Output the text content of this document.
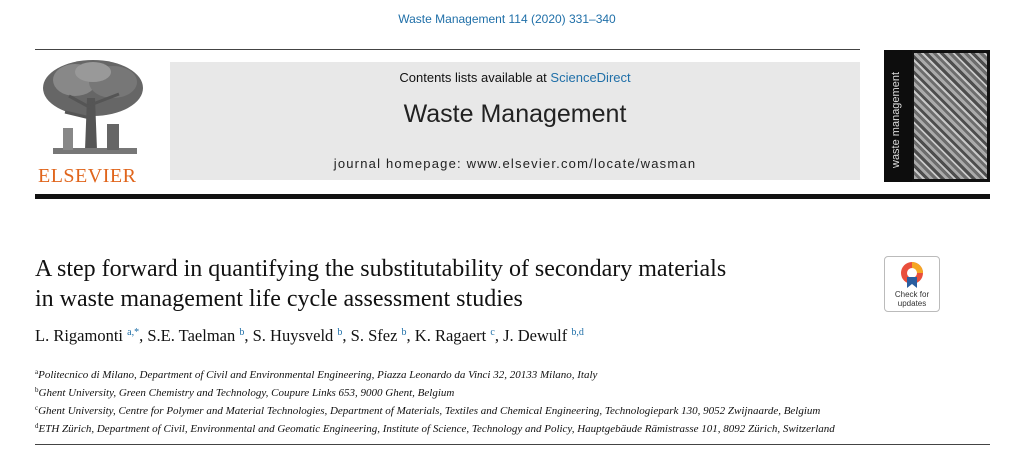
Waste Management 114 (2020) 331–340
ELSEVIER
Contents lists available at ScienceDirect
Waste Management
journal homepage: www.elsevier.com/locate/wasman	waste management
A step forward in quantifying the substitutability of secondary materials
in waste management life cycle assessment studies	Check for
updates
L. Rigamonti $^{a,*}$, S.E. Taelman $^b$, S. Huysveld $^b$, S. Sfez $^b$, K. Ragaert $^c$, J. Dewulf $^{b,d}$
$^a$Politecnico di Milano, Department of Civil and Environmental Engineering, Piazza Leonardo da Vinci 32, 20133 Milano, Italy
$^b$Ghent University, Green Chemistry and Technology, Coupure Links 653, 9000 Ghent, Belgium
$^c$Ghent University, Centre for Polymer and Material Technologies, Department of Materials, Textiles and Chemical Engineering, Technologiepark 130, 9052 Zwijnaarde, Belgium
$^d$ETH Zürich, Department of Civil, Environmental and Geomatic Engineering, Institute of Science, Technology and Policy, Hauptgebäude Rämistrasse 101, 8092 Zürich, Switzerland
